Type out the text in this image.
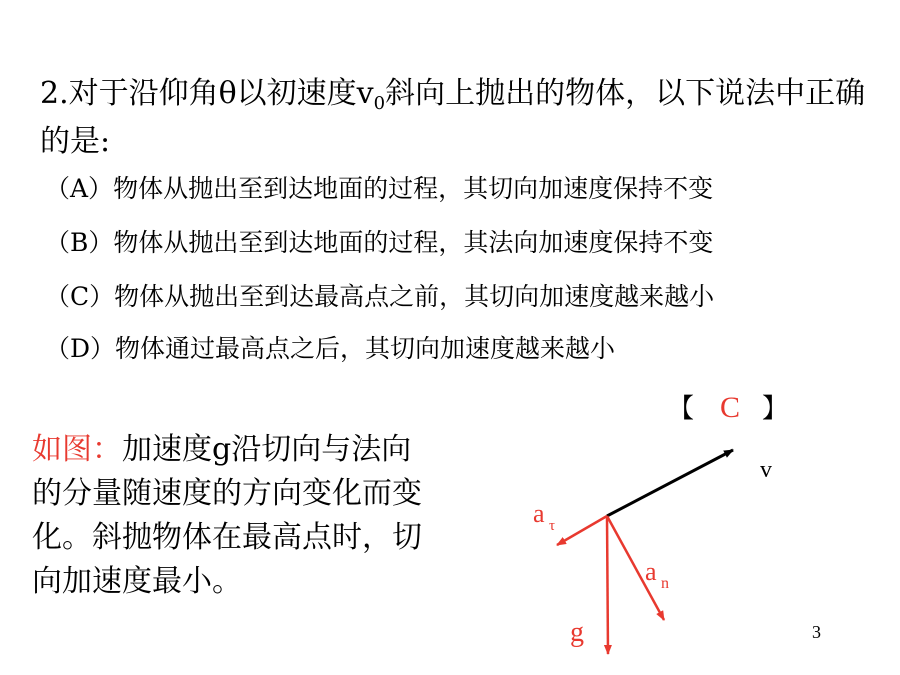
2.对于沿仰角θ以初速度$v_0$斜向上抛出的物体，以下说法中正确的是:
（A）物体从抛出至到达地面的过程，其切向加速度保持不变
（B）物体从抛出至到达地面的过程，其法向加速度保持不变
（C）物体从抛出至到达最高点之前，其切向加速度越来越小
（D）物体通过最高点之后，其切向加速度越来越小
【 C 】
如图：加速度g沿切向与法向的分量随速度的方向变化而变化。斜抛物体在最高点时，切向加速度最小。
v
a τ
a n
g	3
